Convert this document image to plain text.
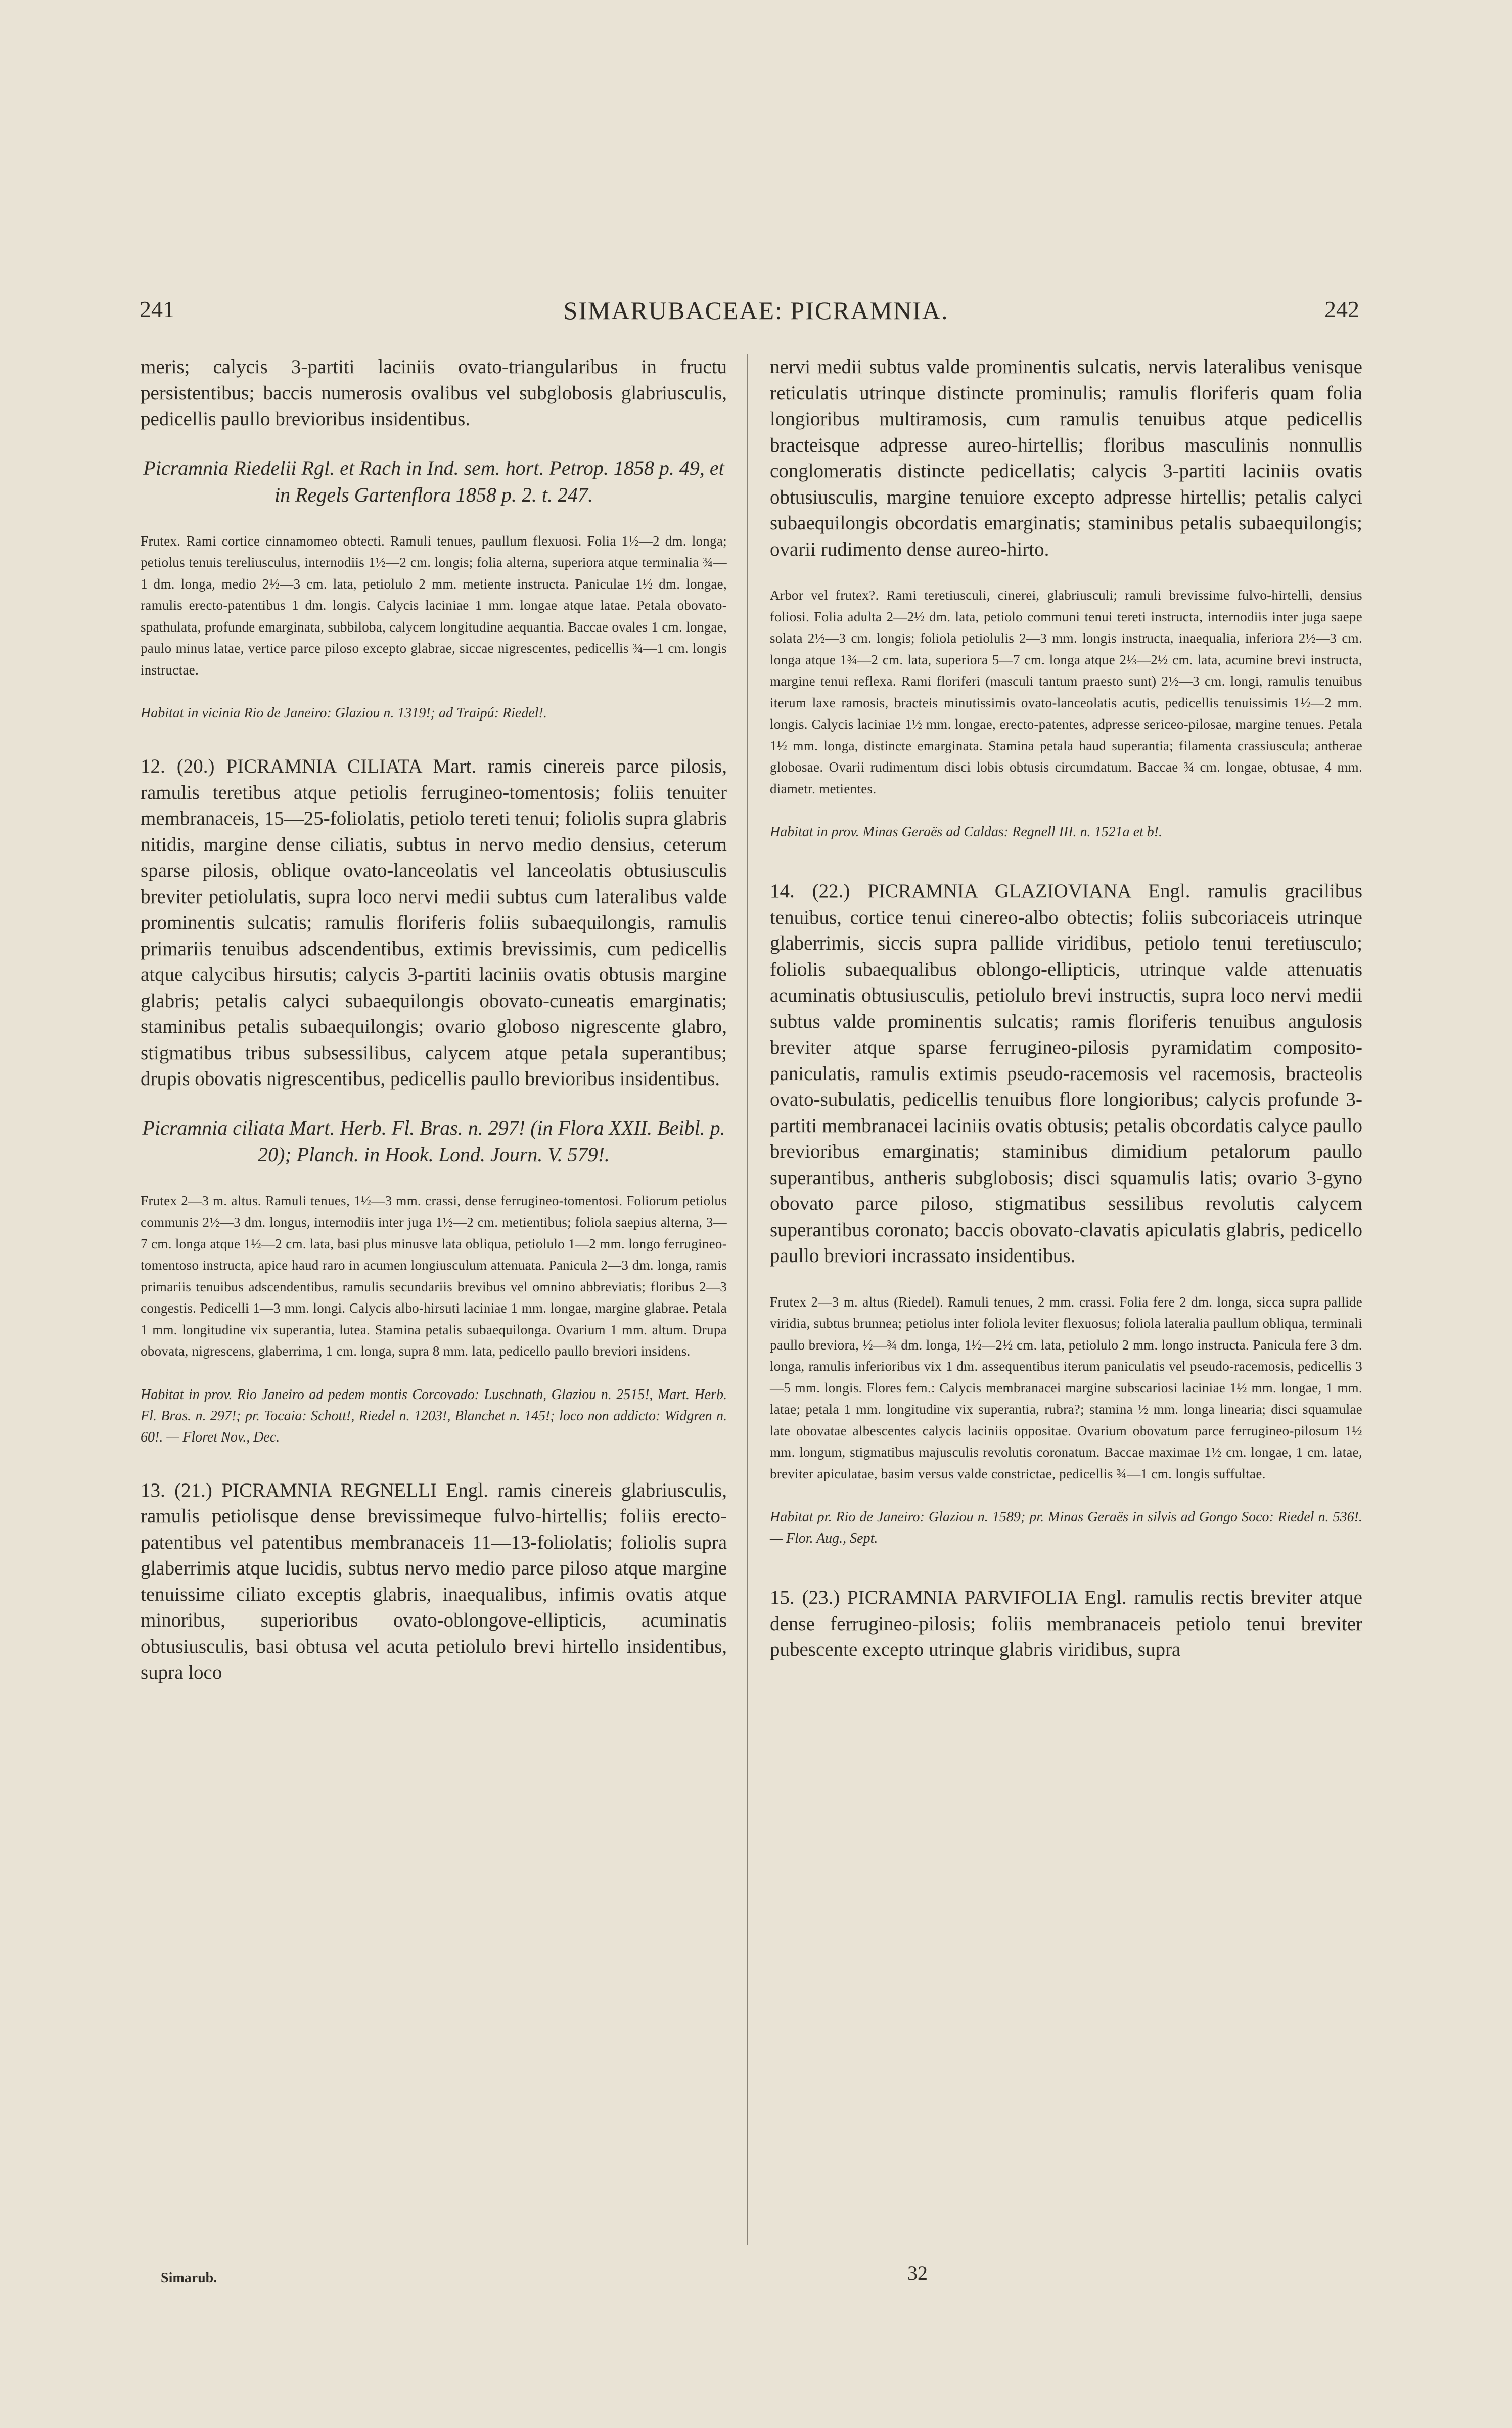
241	SIMARUBACEAE: PICRAMNIA.	242

meris; calycis 3-partiti laciniis ovato-triangularibus in fructu persistentibus; baccis numerosis ovalibus vel subglobosis glabriusculis, pedicellis paullo brevioribus insidentibus.

Picramnia Riedelii Rgl. et Rach in Ind. sem. hort. Petrop. 1858 p. 49, et in Regels Gartenflora 1858 p. 2. t. 247.

Frutex. Rami cortice cinnamomeo obtecti. Ramuli tenues, paullum flexuosi. Folia 1½—2 dm. longa; petiolus tenuis tereliusculus, internodiis 1½—2 cm. longis; folia alterna, superiora atque terminalia ¾—1 dm. longa, medio 2½—3 cm. lata, petiolulo 2 mm. metiente instructa. Paniculae 1½ dm. longae, ramulis erecto-patentibus 1 dm. longis. Calycis laciniae 1 mm. longae atque latae. Petala obovato-spathulata, profunde emarginata, subbiloba, calycem longitudine aequantia. Baccae ovales 1 cm. longae, paulo minus latae, vertice parce piloso excepto glabrae, siccae nigrescentes, pedicellis ¾—1 cm. longis instructae.

Habitat in vicinia Rio de Janeiro: Glaziou n. 1319!; ad Traipú: Riedel!.

12. (20.) PICRAMNIA CILIATA Mart. ramis cinereis parce pilosis, ramulis teretibus atque petiolis ferrugineo-tomentosis; foliis tenuiter membranaceis, 15—25-foliolatis, petiolo tereti tenui; foliolis supra glabris nitidis, margine dense ciliatis, subtus in nervo medio densius, ceterum sparse pilosis, oblique ovato-lanceolatis vel lanceolatis obtusiusculis breviter petiolulatis, supra loco nervi medii subtus cum lateralibus valde prominentis sulcatis; ramulis floriferis foliis subaequilongis, ramulis primariis tenuibus adscendentibus, extimis brevissimis, cum pedicellis atque calycibus hirsutis; calycis 3-partiti laciniis ovatis obtusis margine glabris; petalis calyci subaequilongis obovato-cuneatis emarginatis; staminibus petalis subaequilongis; ovario globoso nigrescente glabro, stigmatibus tribus subsessilibus, calycem atque petala superantibus; drupis obovatis nigrescentibus, pedicellis paullo brevioribus insidentibus.

Picramnia ciliata Mart. Herb. Fl. Bras. n. 297! (in Flora XXII. Beibl. p. 20); Planch. in Hook. Lond. Journ. V. 579!.

Frutex 2—3 m. altus. Ramuli tenues, 1½—3 mm. crassi, dense ferrugineo-tomentosi. Foliorum petiolus communis 2½—3 dm. longus, internodiis inter juga 1½—2 cm. metientibus; foliola saepius alterna, 3—7 cm. longa atque 1½—2 cm. lata, basi plus minusve lata obliqua, petiolulo 1—2 mm. longo ferrugineo-tomentoso instructa, apice haud raro in acumen longiusculum attenuata. Panicula 2—3 dm. longa, ramis primariis tenuibus adscendentibus, ramulis secundariis brevibus vel omnino abbreviatis; floribus 2—3 congestis. Pedicelli 1—3 mm. longi. Calycis albo-hirsuti laciniae 1 mm. longae, margine glabrae. Petala 1 mm. longitudine vix superantia, lutea. Stamina petalis subaequilonga. Ovarium 1 mm. altum. Drupa obovata, nigrescens, glaberrima, 1 cm. longa, supra 8 mm. lata, pedicello paullo breviori insidens.

Habitat in prov. Rio Janeiro ad pedem montis Corcovado: Luschnath, Glaziou n. 2515!, Mart. Herb. Fl. Bras. n. 297!; pr. Tocaia: Schott!, Riedel n. 1203!, Blanchet n. 145!; loco non addicto: Widgren n. 60!. — Floret Nov., Dec.

13. (21.) PICRAMNIA REGNELLI Engl. ramis cinereis glabriusculis, ramulis petiolisque dense brevissimeque fulvo-hirtellis; foliis erecto-patentibus vel patentibus membranaceis 11—13-foliolatis; foliolis supra glaberrimis atque lucidis, subtus nervo medio parce piloso atque margine tenuissime ciliato exceptis glabris, inaequalibus, infimis ovatis atque minoribus, superioribus ovato-oblongove-ellipticis, acuminatis obtusiusculis, basi obtusa vel acuta petiolulo brevi hirtello insidentibus, supra loco

nervi medii subtus valde prominentis sulcatis, nervis lateralibus venisque reticulatis utrinque distincte prominulis; ramulis floriferis quam folia longioribus multiramosis, cum ramulis tenuibus atque pedicellis bracteisque adpresse aureo-hirtellis; floribus masculinis nonnullis conglomeratis distincte pedicellatis; calycis 3-partiti laciniis ovatis obtusiusculis, margine tenuiore excepto adpresse hirtellis; petalis calyci subaequilongis obcordatis emarginatis; staminibus petalis subaequilongis; ovarii rudimento dense aureo-hirto.

Arbor vel frutex?. Rami teretiusculi, cinerei, glabriusculi; ramuli brevissime fulvo-hirtelli, densius foliosi. Folia adulta 2—2½ dm. lata, petiolo communi tenui tereti instructa, internodiis inter juga saepe solata 2½—3 cm. longis; foliola petiolulis 2—3 mm. longis instructa, inaequalia, inferiora 2½—3 cm. longa atque 1¾—2 cm. lata, superiora 5—7 cm. longa atque 2⅓—2½ cm. lata, acumine brevi instructa, margine tenui reflexa. Rami floriferi (masculi tantum praesto sunt) 2½—3 cm. longi, ramulis tenuibus iterum laxe ramosis, bracteis minutissimis ovato-lanceolatis acutis, pedicellis tenuissimis 1½—2 mm. longis. Calycis laciniae 1½ mm. longae, erecto-patentes, adpresse sericeo-pilosae, margine tenues. Petala 1½ mm. longa, distincte emarginata. Stamina petala haud superantia; filamenta crassiuscula; antherae globosae. Ovarii rudimentum disci lobis obtusis circumdatum. Baccae ¾ cm. longae, obtusae, 4 mm. diametr. metientes.

Habitat in prov. Minas Geraës ad Caldas: Regnell III. n. 1521a et b!.

14. (22.) PICRAMNIA GLAZIOVIANA Engl. ramulis gracilibus tenuibus, cortice tenui cinereo-albo obtectis; foliis subcoriaceis utrinque glaberrimis, siccis supra pallide viridibus, petiolo tenui teretiusculo; foliolis subaequalibus oblongo-ellipticis, utrinque valde attenuatis acuminatis obtusiusculis, petiolulo brevi instructis, supra loco nervi medii subtus valde prominentis sulcatis; ramis floriferis tenuibus angulosis breviter atque sparse ferrugineo-pilosis pyramidatim composito-paniculatis, ramulis extimis pseudo-racemosis vel racemosis, bracteolis ovato-subulatis, pedicellis tenuibus flore longioribus; calycis profunde 3-partiti membranacei laciniis ovatis obtusis; petalis obcordatis calyce paullo brevioribus emarginatis; staminibus dimidium petalorum paullo superantibus, antheris subglobosis; disci squamulis latis; ovario 3-gyno obovato parce piloso, stigmatibus sessilibus revolutis calycem superantibus coronato; baccis obovato-clavatis apiculatis glabris, pedicello paullo breviori incrassato insidentibus.

Frutex 2—3 m. altus (Riedel). Ramuli tenues, 2 mm. crassi. Folia fere 2 dm. longa, sicca supra pallide viridia, subtus brunnea; petiolus inter foliola leviter flexuosus; foliola lateralia paullum obliqua, terminali paullo breviora, ½—¾ dm. longa, 1½—2½ cm. lata, petiolulo 2 mm. longo instructa. Panicula fere 3 dm. longa, ramulis inferioribus vix 1 dm. assequentibus iterum paniculatis vel pseudo-racemosis, pedicellis 3—5 mm. longis. Flores fem.: Calycis membranacei margine subscariosi laciniae 1½ mm. longae, 1 mm. latae; petala 1 mm. longitudine vix superantia, rubra?; stamina ½ mm. longa linearia; disci squamulae late obovatae albescentes calycis laciniis oppositae. Ovarium obovatum parce ferrugineo-pilosum 1½ mm. longum, stigmatibus majusculis revolutis coronatum. Baccae maximae 1½ cm. longae, 1 cm. latae, breviter apiculatae, basim versus valde constrictae, pedicellis ¾—1 cm. longis suffultae.

Habitat pr. Rio de Janeiro: Glaziou n. 1589; pr. Minas Geraës in silvis ad Gongo Soco: Riedel n. 536!. — Flor. Aug., Sept.

15. (23.) PICRAMNIA PARVIFOLIA Engl. ramulis rectis breviter atque dense ferrugineo-pilosis; foliis membranaceis petiolo tenui breviter pubescente excepto utrinque glabris viridibus, supra

Simarub.	32
